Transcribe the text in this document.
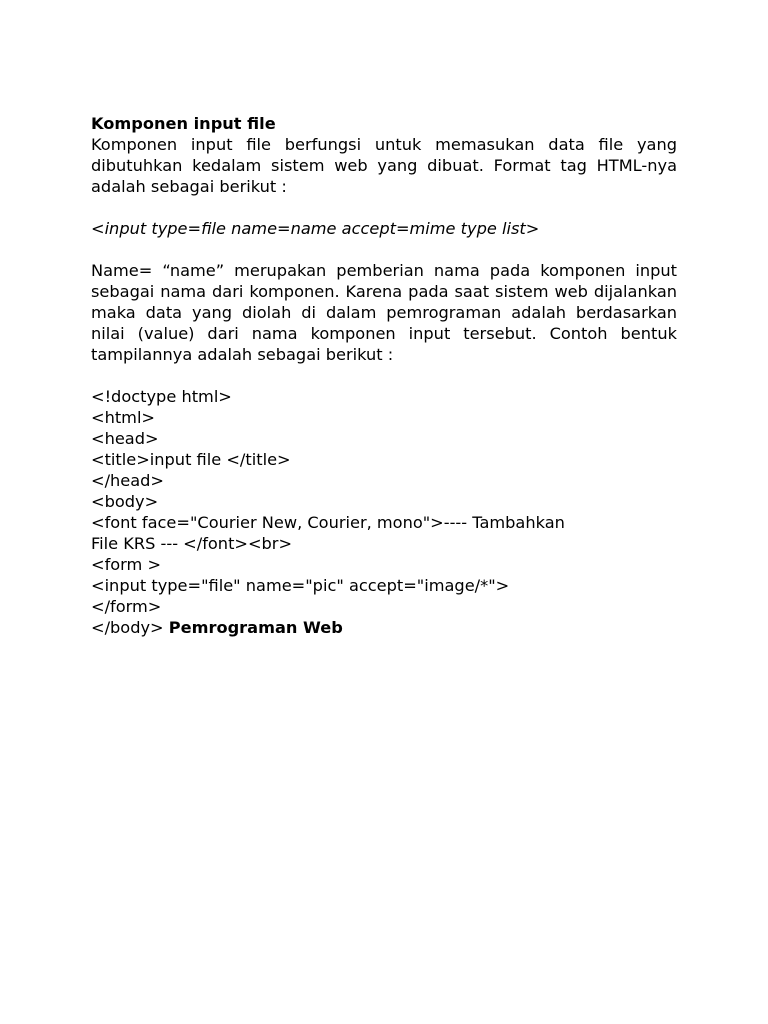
Komponen input file
Komponen input file berfungsi untuk memasukan data file yang dibutuhkan kedalam sistem web yang dibuat. Format tag HTML-nya adalah sebagai berikut :
<input type=file name=name accept=mime type list>
Name= “name” merupakan pemberian nama pada komponen input sebagai nama dari komponen. Karena pada saat sistem web dijalankan maka data yang diolah di dalam pemrograman adalah berdasarkan nilai (value) dari nama komponen input tersebut. Contoh bentuk tampilannya adalah sebagai berikut :
<!doctype html>
<html>
<head>
<title>input file </title>
</head>
<body>
<font face="Courier New, Courier, mono">---- Tambahkan
File KRS --- </font><br>
<form >
<input type="file" name="pic" accept="image/*">
</form>
</body> Pemrograman Web
